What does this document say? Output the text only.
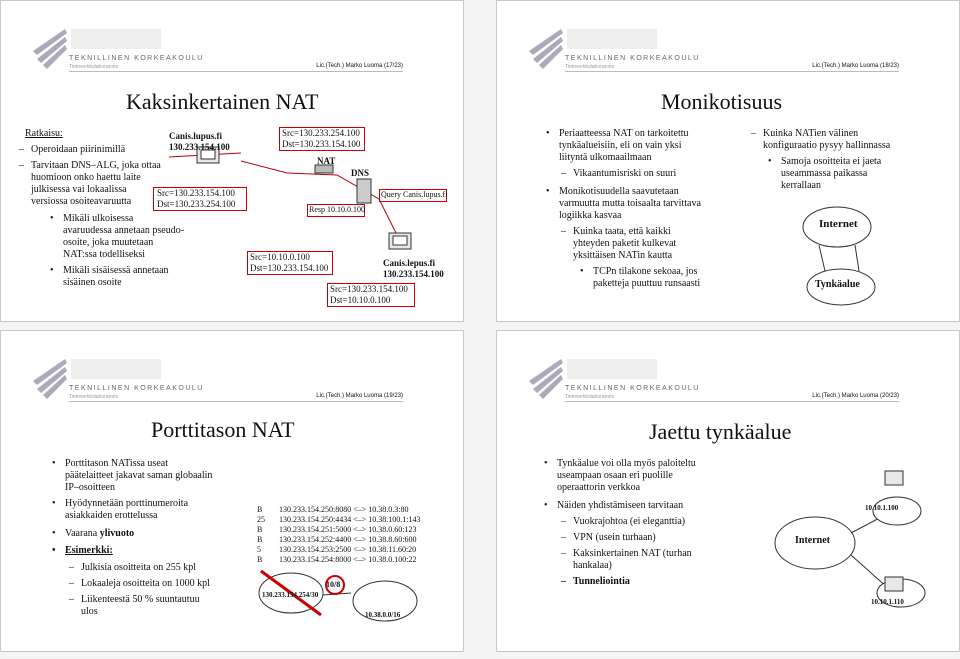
TEKNILLINEN KORKEAKOULU
Tietoverkkolaboratorio	Lic.(Tech.) Marko Luoma (17/23)
Kaksinkertainen NAT
Ratkaisu:
– Operoidaan piirinimillä
– Tarvitaan DNS–ALG, joka ottaa
huomioon onko haettu laite
julkisessa vai lokaalissa
versiossa osoiteavaruutta
• Mikäli ulkoisessa
avaruudessa annetaan pseudo-
osoite, joka muutetaan
NAT:ssa todelliseksi
• Mikäli sisäisessä annetaan
sisäinen osoite
Canis.lupus.fi
130.233.154.100
Src=130.233.154.100
Dst=130.233.254.100
Src=130.233.254.100
Dst=130.233.154.100
NAT
DNS
Query Canis.lupus.fi
Resp 10.10.0.100
Src=10.10.0.100
Dst=130.233.154.100	Canis.lepus.fi
130.233.154.100
Src=130.233.154.100
Dst=10.10.0.100
TEKNILLINEN KORKEAKOULU
Tietoverkkolaboratorio	Lic.(Tech.) Marko Luoma (18/23)
Monikotisuus
• Periaatteessa NAT on tarkoitettu
tynkäalueisiin, eli on vain yksi
liityntä ulkomaailmaan
– Vikaantumisriski on suuri
• Monikotisuudella saavutetaan
varmuutta mutta toisaalta tarvittava
logiikka kasvaa
– Kuinka taata, että kaikki
yhteyden paketit kulkevat
yksittäisen NATin kautta
• TCPn tilakone sekoaa, jos
paketteja puuttuu runsaasti
– Kuinka NATien välinen
konfiguraatio pysyy hallinnassa
• Samoja osoitteita ei jaeta
useammassa paikassa
kerrallaan
Internet
Tynkäalue
TEKNILLINEN KORKEAKOULU
Tietoverkkolaboratorio	Lic.(Tech.) Marko Luoma (19/23)
Porttitason NAT
• Porttitason NATissa useat
päätelaitteet jakavat saman globaalin
IP–osoitteen
• Hyödynnetään porttinumeroita
asiakkaiden erottelussa
• Vaarana ylivuoto
• Esimerkki:
– Julkisia osoitteita on 255 kpl
– Lokaaleja osoitteita on 1000 kpl
– Liikenteestä 50 % suuntautuu
ulos
B 130.233.154.250:8080 <–> 10.38.0.3:80
25 130.233.154.250:4434 <–> 10.38.100.1:143
B 130.233.154.251:5000 <–> 10.38.0.60:123
B 130.233.154.252:4400 <–> 10.38.8.60:600
5 130.233.154.253:2500 <–> 10.38.11.60:20
B 130.233.154.254:8000 <–> 10.38.0.100:22
130.233.154.254/30
10/8
10.38.0.0/16
TEKNILLINEN KORKEAKOULU
Tietoverkkolaboratorio	Lic.(Tech.) Marko Luoma (20/23)
Jaettu tynkäalue
• Tynkäalue voi olla myös paloiteltu
useampaan osaan eri puolille
operaattorin verkkoa
• Näiden yhdistämiseen tarvitaan
– Vuokrajohtoa (ei eleganttia)
– VPN (usein turhaan)
– Kaksinkertainen NAT (turhan
hankalaa)
– Tunneliointia
Internet
10.10.1.100
10.10.1.110
